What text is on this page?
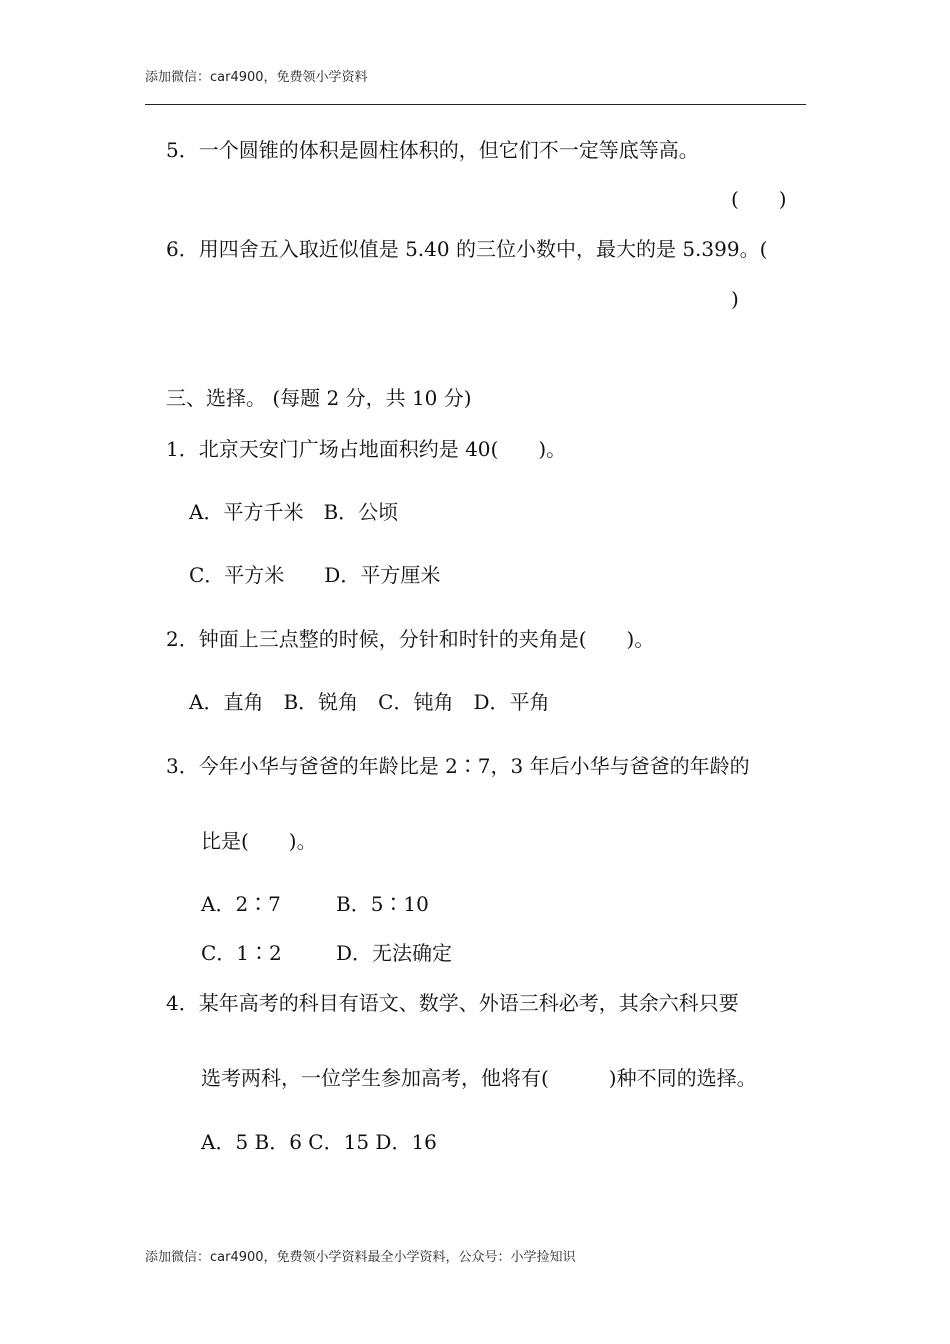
添加微信：car4900，免费领小学资料
5．一个圆锥的体积是圆柱体积的，但它们不一定等底等高。
(　　)
6．用四舍五入取近似值是 5.40 的三位小数中，最大的是 5.399。(
)
三、选择。 (每题 2 分，共 10 分)
1．北京天安门广场占地面积约是 40(　　)。
A．平方千米　B．公顷
C．平方米　　D．平方厘米
2．钟面上三点整的时候，分针和时针的夹角是(　　)。
A．直角　B．锐角　C．钝角　D．平角
3．今年小华与爸爸的年龄比是 2∶7，3 年后小华与爸爸的年龄的
比是(　　)。
A．2∶7	B．5∶10
C．1∶2	D．无法确定
4．某年高考的科目有语文、数学、外语三科必考，其余六科只要
选考两科，一位学生参加高考，他将有(　　　)种不同的选择。
A．5 B．6 C．15 D．16
添加微信：car4900，免费领小学资料最全小学资料，公众号：小学捡知识
